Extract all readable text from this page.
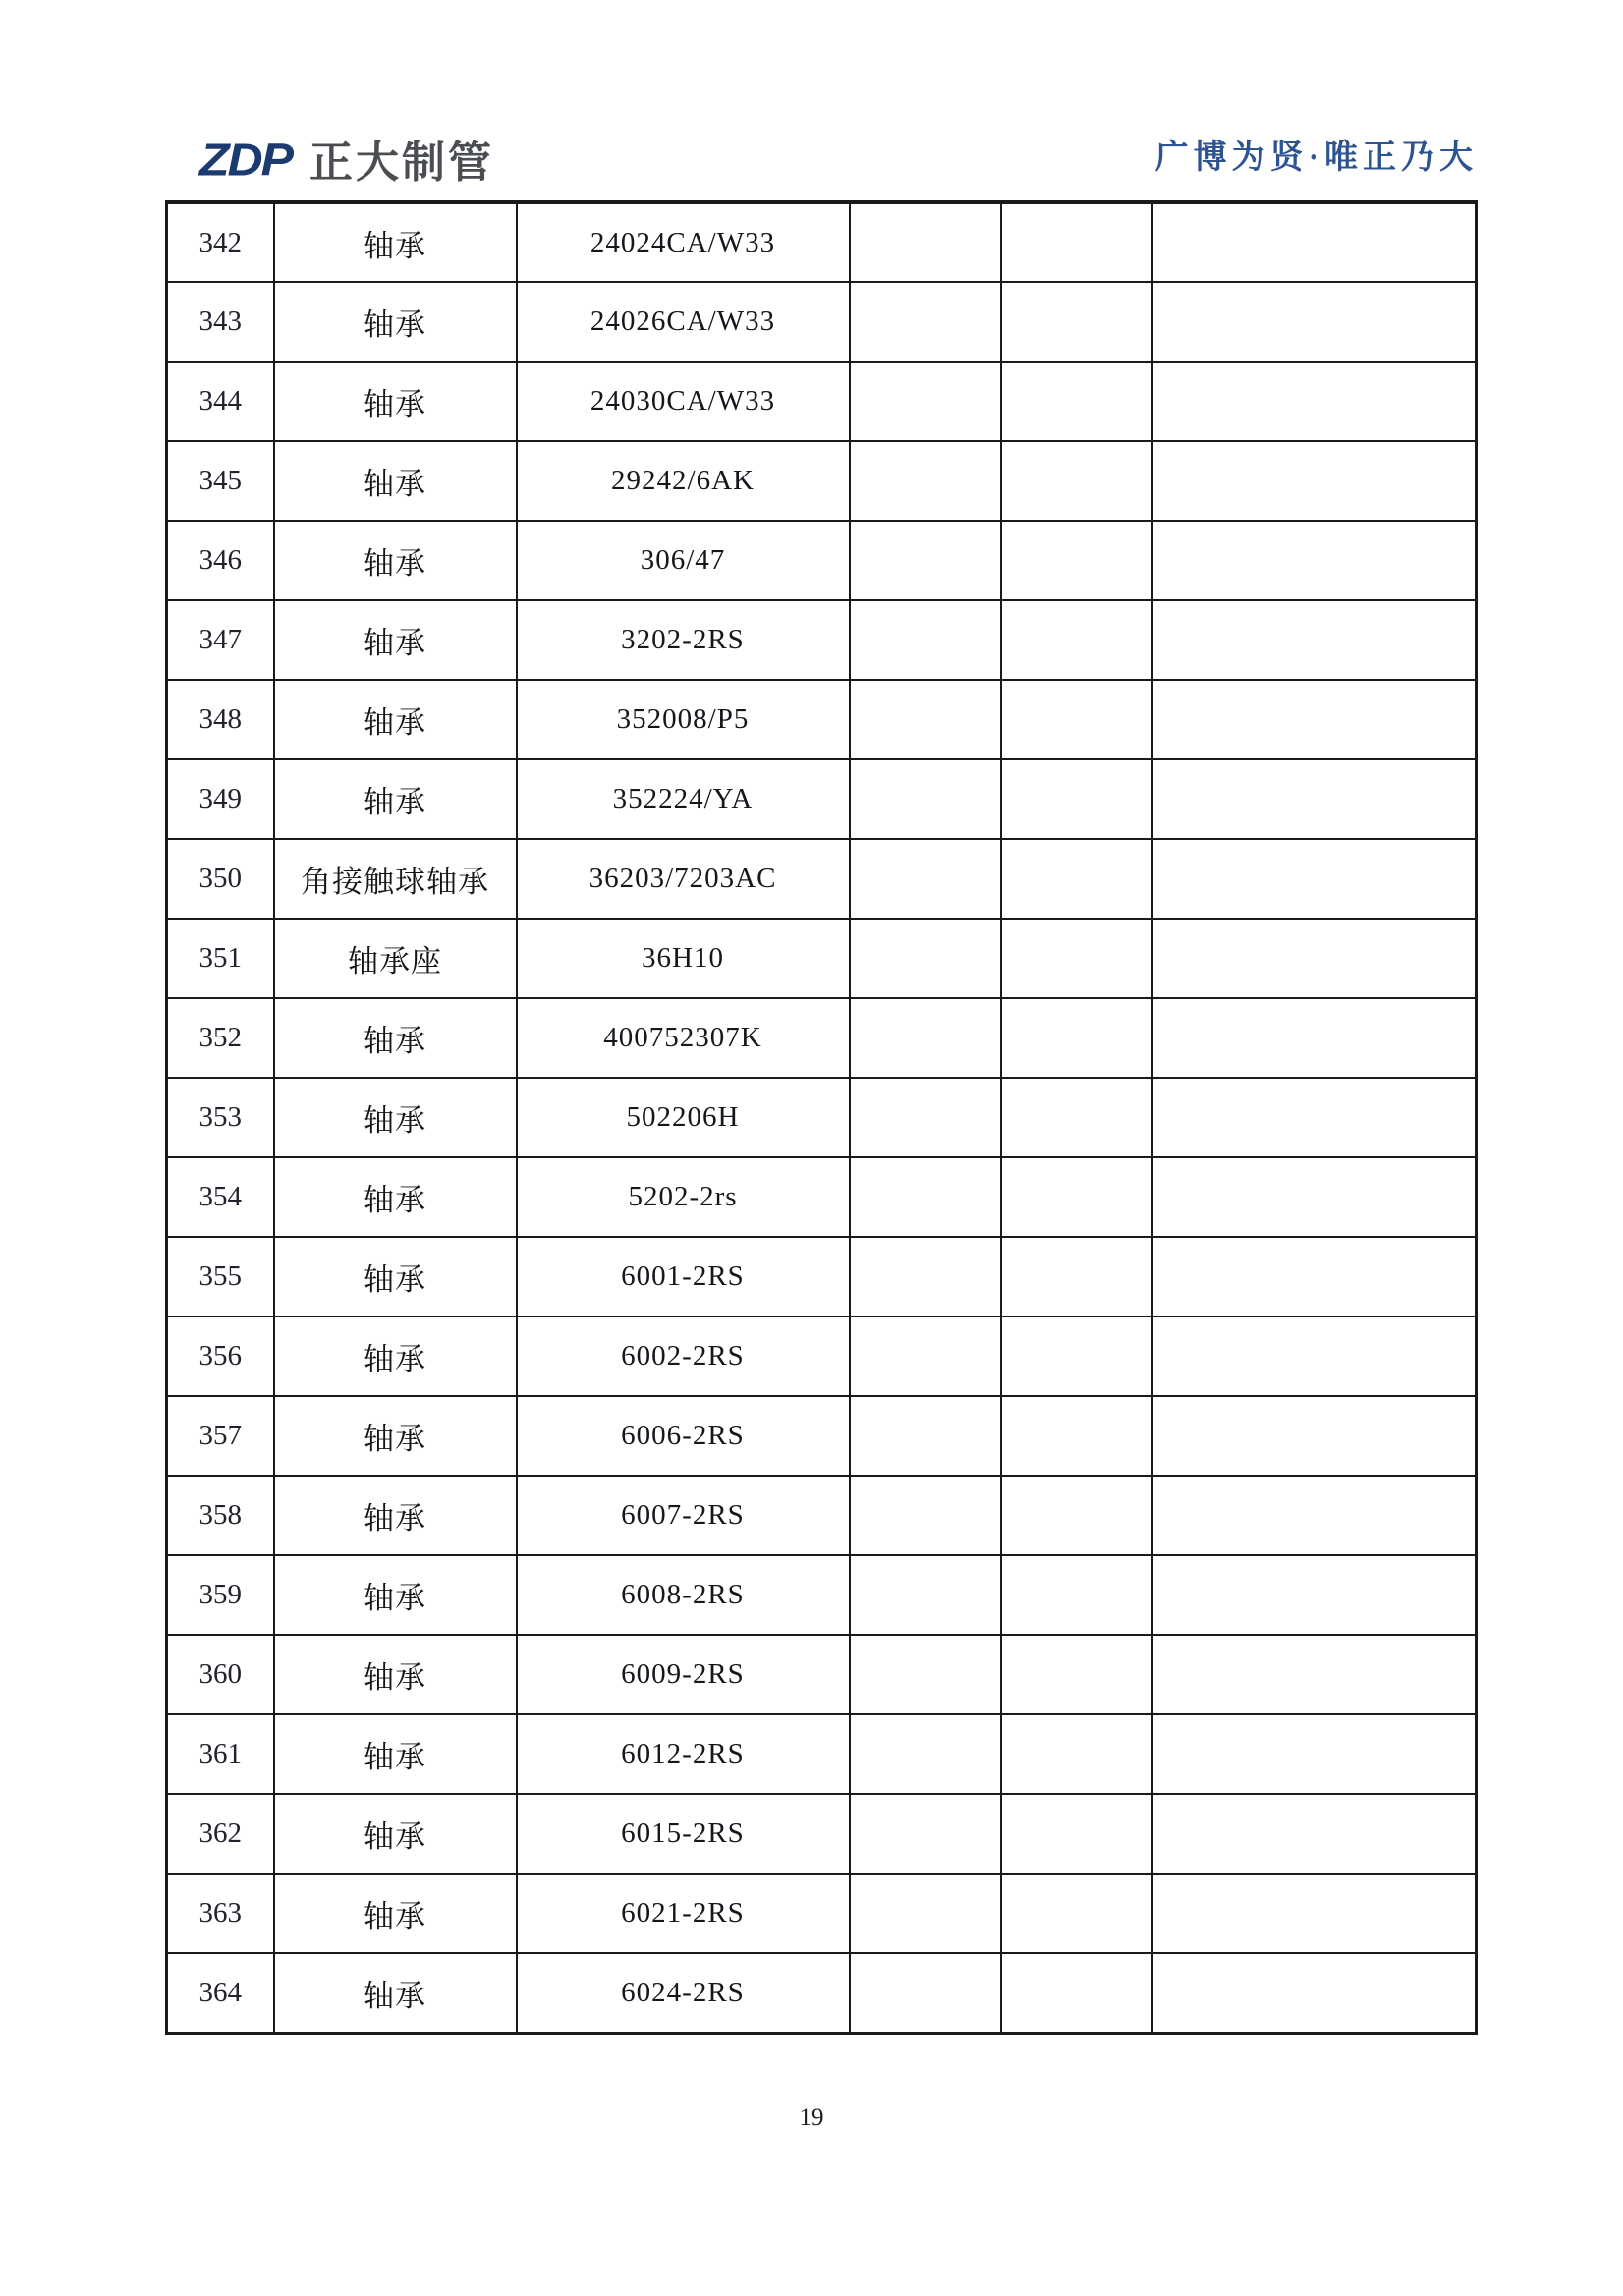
ZDP 正大制管	广博为贤·唯正乃大
342	轴承	24024CA/W33			
343	轴承	24026CA/W33			
344	轴承	24030CA/W33			
345	轴承	29242/6AK			
346	轴承	306/47			
347	轴承	3202-2RS			
348	轴承	352008/P5			
349	轴承	352224/YA			
350	角接触球轴承	36203/7203AC			
351	轴承座	36H10			
352	轴承	400752307K			
353	轴承	502206H			
354	轴承	5202-2rs			
355	轴承	6001-2RS			
356	轴承	6002-2RS			
357	轴承	6006-2RS			
358	轴承	6007-2RS			
359	轴承	6008-2RS			
360	轴承	6009-2RS			
361	轴承	6012-2RS			
362	轴承	6015-2RS			
363	轴承	6021-2RS			
364	轴承	6024-2RS			
19
